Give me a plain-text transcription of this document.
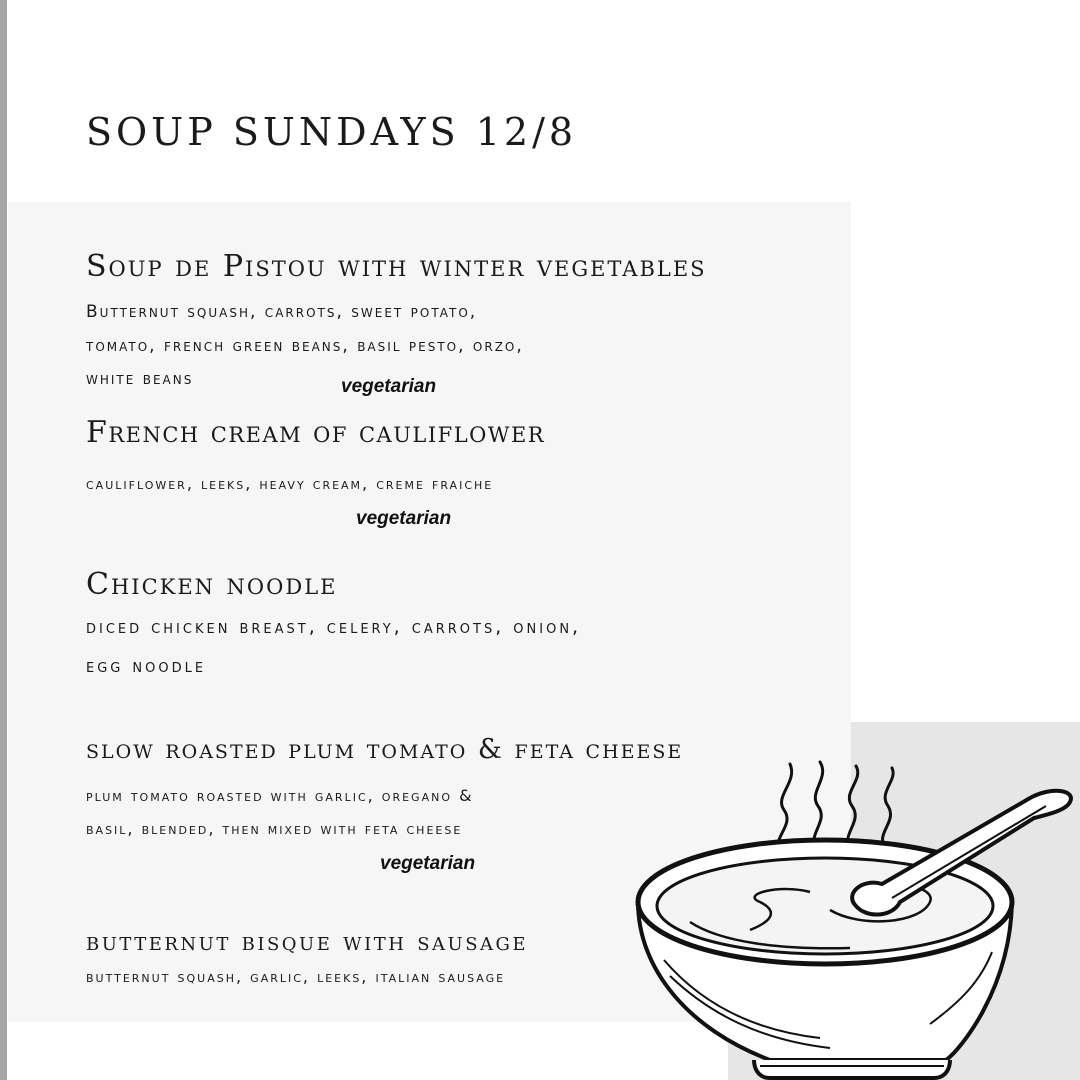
SOUP SUNDAYS 12/8
Soup de Pistou with winter vegetables
Butternut squash, carrots, sweet potato,
tomato, french green beans, basil pesto, orzo,
white beans	vegetarian
French cream of cauliflower
cauliflower, leeks, heavy cream, creme fraiche
vegetarian
Chicken noodle
diced chicken breast, celery, carrots, onion,
egg noodle
slow roasted plum tomato & feta cheese
plum tomato roasted with garlic, oregano &
basil, blended, then mixed with feta cheese
vegetarian
butternut bisque with sausage
butternut squash, garlic, leeks, italian sausage
